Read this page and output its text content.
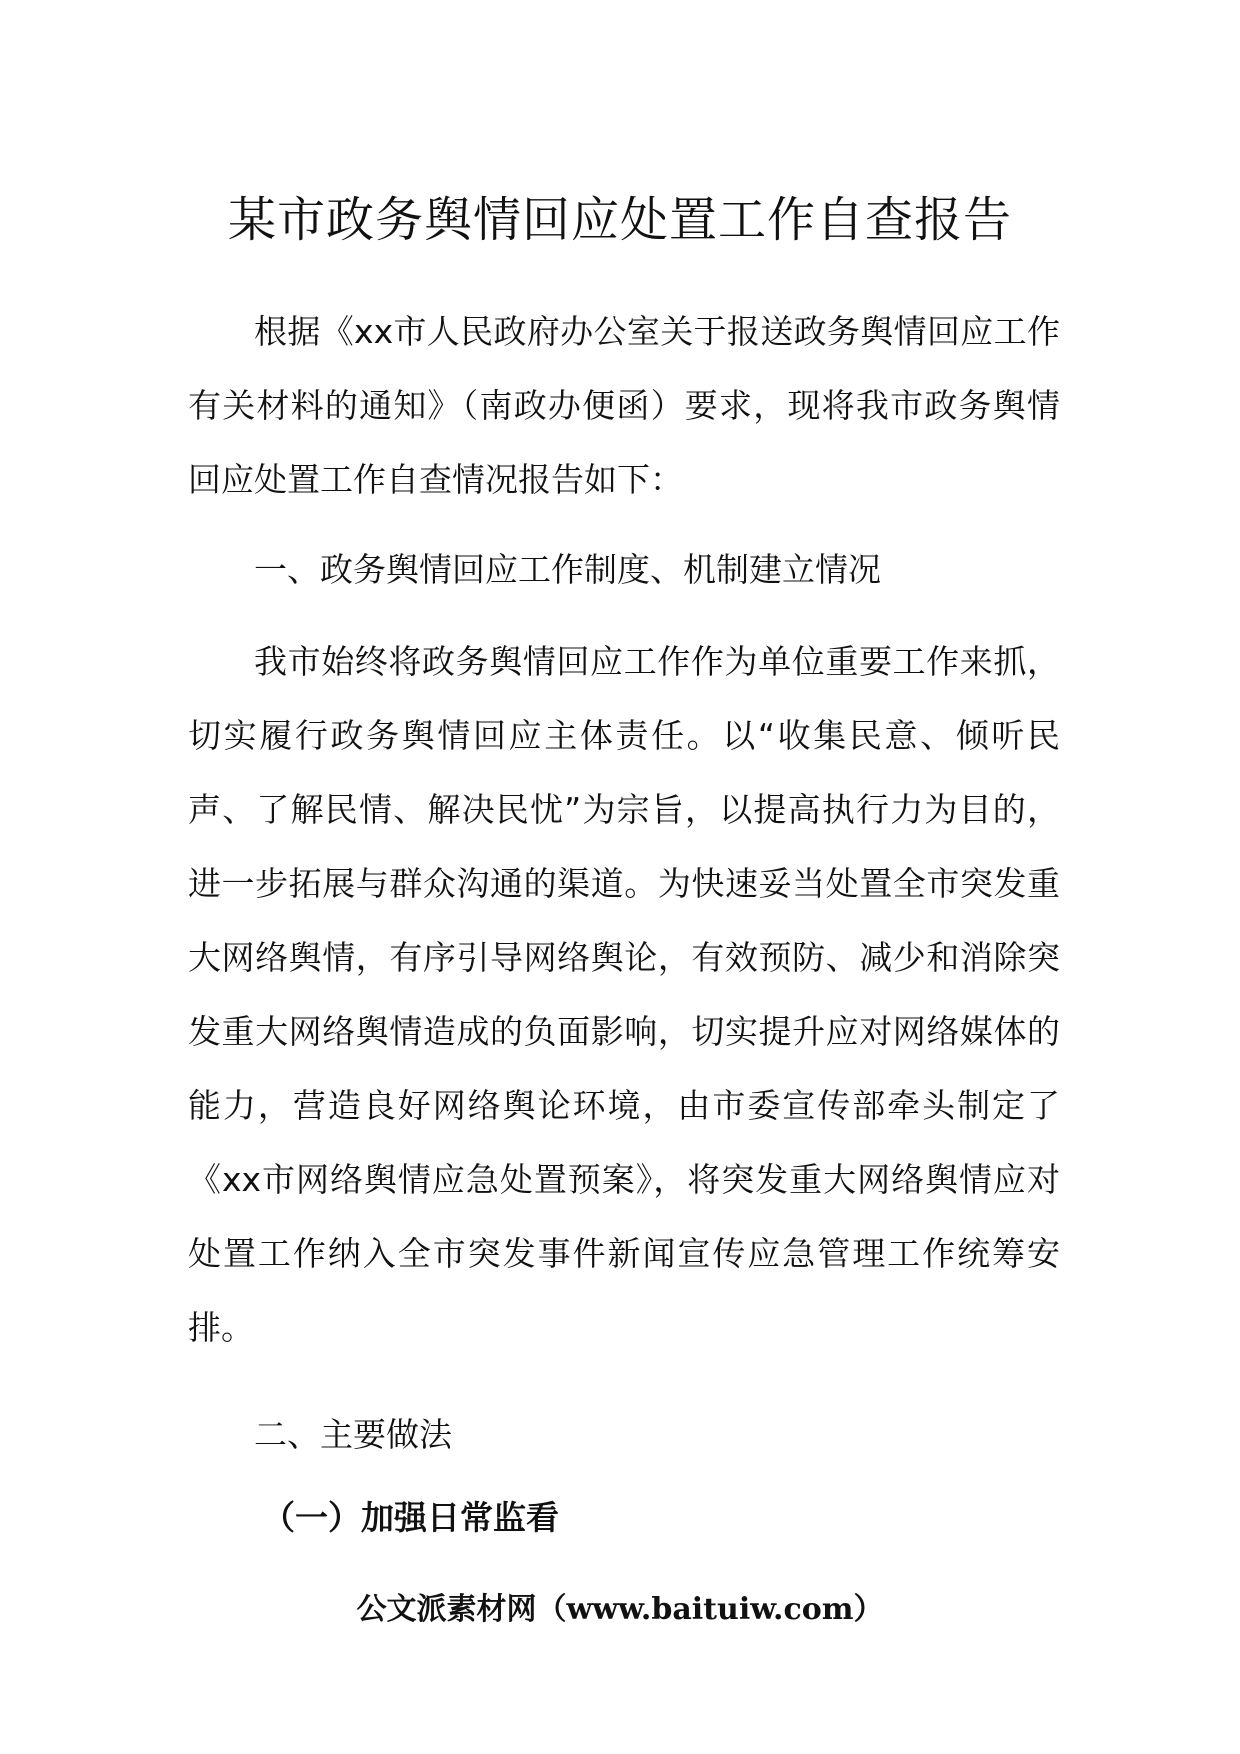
某市政务舆情回应处置工作自查报告

根据《xx市人民政府办公室关于报送政务舆情回应工作有关材料的通知》（南政办便函）要求，现将我市政务舆情回应处置工作自查情况报告如下：

一、政务舆情回应工作制度、机制建立情况

我市始终将政务舆情回应工作作为单位重要工作来抓，切实履行政务舆情回应主体责任。以“收集民意、倾听民声、了解民情、解决民忧”为宗旨，以提高执行力为目的，进一步拓展与群众沟通的渠道。为快速妥当处置全市突发重大网络舆情，有序引导网络舆论，有效预防、减少和消除突发重大网络舆情造成的负面影响，切实提升应对网络媒体的能力，营造良好网络舆论环境，由市委宣传部牵头制定了《xx市网络舆情应急处置预案》，将突发重大网络舆情应对处置工作纳入全市突发事件新闻宣传应急管理工作统筹安排。

二、主要做法

（一）加强日常监看
公文派素材网（www.baituiw.com）
